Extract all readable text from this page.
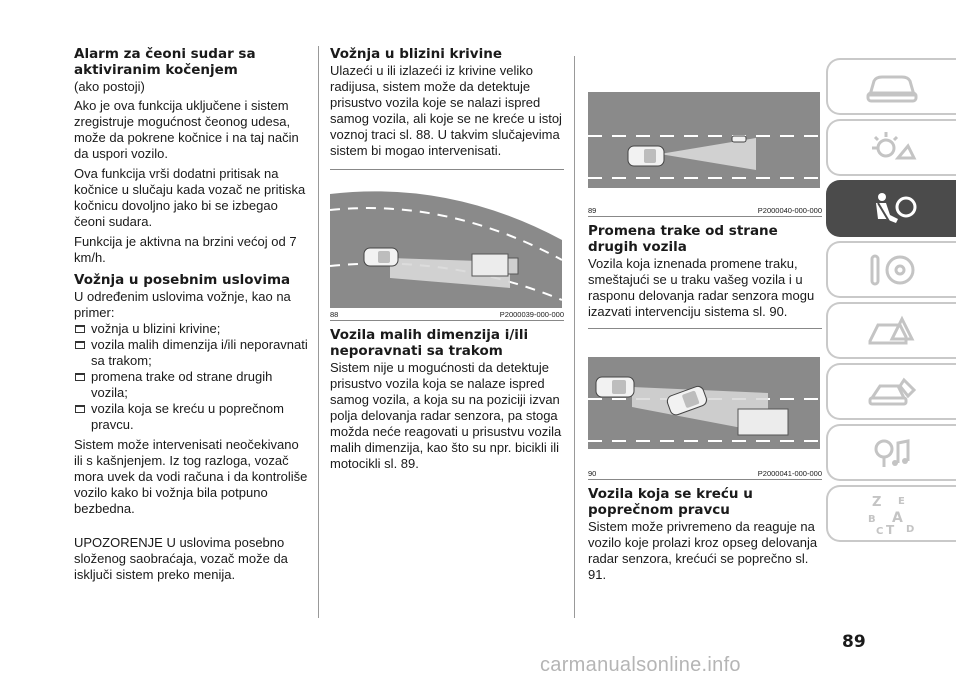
Alarm za čeoni sudar sa aktiviranim kočenjem

(ako postoji)

Ako je ova funkcija uključene i sistem zregistruje mogućnost čeonog udesa, može da pokrene kočnice i na taj način da uspori vozilo.

Ova funkcija vrši dodatni pritisak na kočnice u slučaju kada vozač ne pritiska kočnicu dovoljno jako bi se izbegao čeoni sudara.

Funkcija je aktivna na brzini većoj od 7 km/h.

Vožnja u posebnim uslovima

U određenim uslovima vožnje, kao na primer:

vožnja u blizini krivine;
vozila malih dimenzija i/ili neporavnati sa trakom;
promena trake od strane drugih vozila;
vozila koja se kreću u poprečnom pravcu.

Sistem može intervenisati neočekivano ili s kašnjenjem. Iz tog razloga, vozač mora uvek da vodi računa i da kontroliše vozilo kako bi vožnja bila potpuno bezbedna.

UPOZORENJE U uslovima posebno složenog saobraćaja, vozač može da isključi sistem preko menija.

Vožnja u blizini krivine

Ulazeći u ili izlazeći iz krivine veliko radijusa, sistem može da detektuje prisustvo vozila koje se nalazi ispred samog vozila, ali koje se ne kreće u istoj voznoj traci sl. 88. U takvim slučajevima sistem bi mogao intervenisati.

88	P2000039-000-000
Vozila malih dimenzija i/ili neporavnati sa trakom

Sistem nije u mogućnosti da detektuje prisustvo vozila koja se nalaze ispred samog vozila, a koja su na poziciji izvan polja delovanja radar senzora, pa stoga možda neće reagovati u prisustvu vozila malih dimenzija, kao što su npr. bicikli ili motocikli sl. 89.

89	P2000040-000-000
Promena trake od strane drugih vozila

Vozila koja iznenada promene traku, smeštajući se u traku vašeg vozila i u rasponu delovanja radar senzora mogu izazvati intervenciju sistema sl. 90.

90	P2000041-000-000
Vozila koja se kreću u poprečnom pravcu

Sistem može privremeno da reaguje na vozilo koje prolazi kroz opseg delovanja radar senzora, krećući se poprečno sl. 91.

Z E
B A
C T D
89
carmanualsonline.info
